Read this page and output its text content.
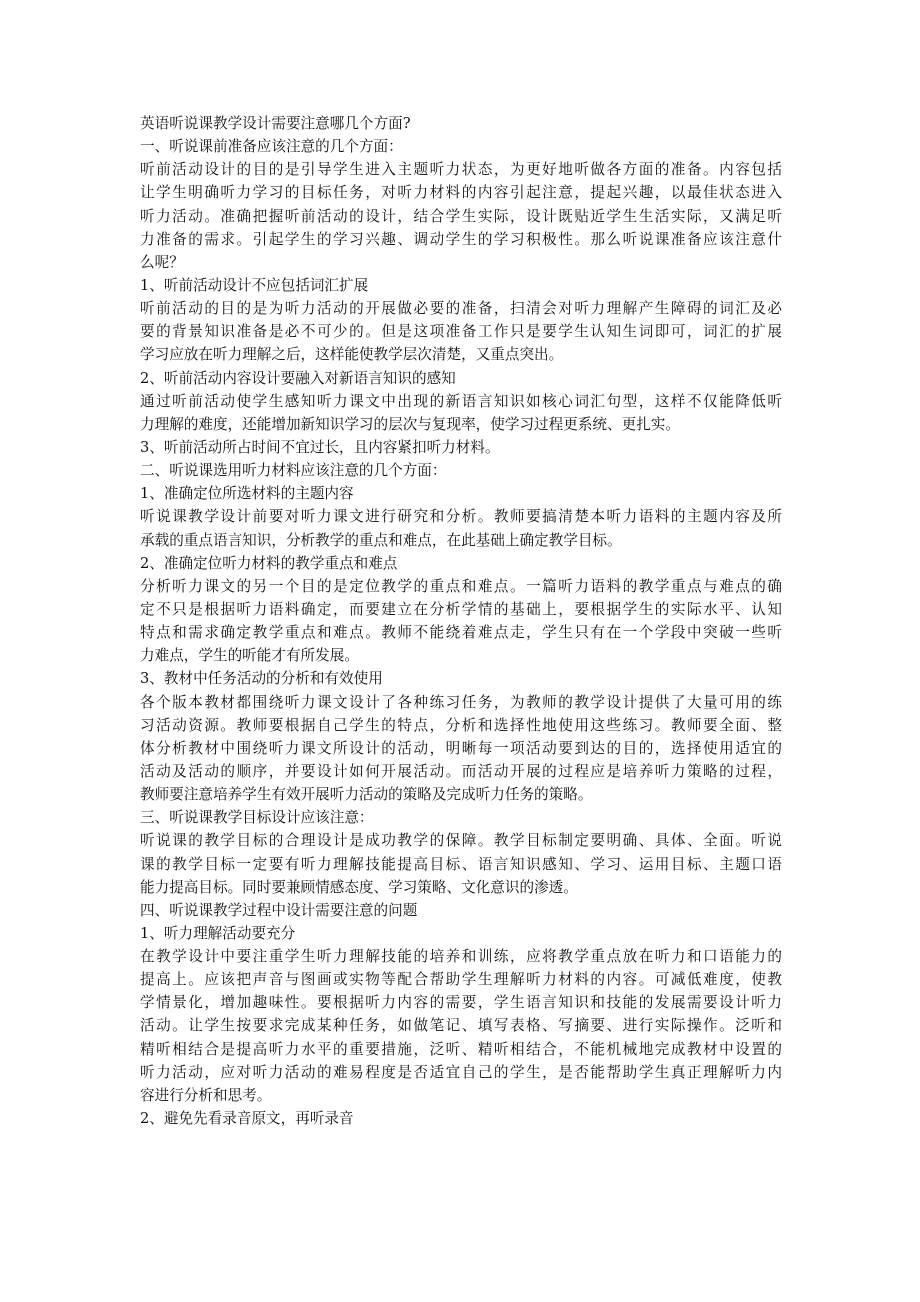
英语听说课教学设计需要注意哪几个方面?
一、听说课前准备应该注意的几个方面：
听前活动设计的目的是引导学生进入主题听力状态，为更好地听做各方面的准备。内容包括
让学生明确听力学习的目标任务，对听力材料的内容引起注意，提起兴趣，以最佳状态进入
听力活动。准确把握听前活动的设计，结合学生实际，设计既贴近学生生活实际，又满足听
力准备的需求。引起学生的学习兴趣、调动学生的学习积极性。那么听说课准备应该注意什
么呢？
1、听前活动设计不应包括词汇扩展
听前活动的目的是为听力活动的开展做必要的准备，扫清会对听力理解产生障碍的词汇及必
要的背景知识准备是必不可少的。但是这项准备工作只是要学生认知生词即可，词汇的扩展
学习应放在听力理解之后，这样能使教学层次清楚，又重点突出。
2、听前活动内容设计要融入对新语言知识的感知
通过听前活动使学生感知听力课文中出现的新语言知识如核心词汇句型，这样不仅能降低听
力理解的难度，还能增加新知识学习的层次与复现率，使学习过程更系统、更扎实。
3、听前活动所占时间不宜过长，且内容紧扣听力材料。
二、听说课选用听力材料应该注意的几个方面：
1、准确定位所选材料的主题内容
听说课教学设计前要对听力课文进行研究和分析。教师要搞清楚本听力语料的主题内容及所
承载的重点语言知识，分析教学的重点和难点，在此基础上确定教学目标。
2、准确定位听力材料的教学重点和难点
分析听力课文的另一个目的是定位教学的重点和难点。一篇听力语料的教学重点与难点的确
定不只是根据听力语料确定，而要建立在分析学情的基础上，要根据学生的实际水平、认知
特点和需求确定教学重点和难点。教师不能绕着难点走，学生只有在一个学段中突破一些听
力难点，学生的听能才有所发展。
3、教材中任务活动的分析和有效使用
各个版本教材都围绕听力课文设计了各种练习任务，为教师的教学设计提供了大量可用的练
习活动资源。教师要根据自己学生的特点，分析和选择性地使用这些练习。教师要全面、整
体分析教材中围绕听力课文所设计的活动，明晰每一项活动要到达的目的，选择使用适宜的
活动及活动的顺序，并要设计如何开展活动。而活动开展的过程应是培养听力策略的过程，
教师要注意培养学生有效开展听力活动的策略及完成听力任务的策略。
三、听说课教学目标设计应该注意：
听说课的教学目标的合理设计是成功教学的保障。教学目标制定要明确、具体、全面。听说
课的教学目标一定要有听力理解技能提高目标、语言知识感知、学习、运用目标、主题口语
能力提高目标。同时要兼顾情感态度、学习策略、文化意识的渗透。
四、听说课教学过程中设计需要注意的问题
1、听力理解活动要充分
在教学设计中要注重学生听力理解技能的培养和训练，应将教学重点放在听力和口语能力的
提高上。应该把声音与图画或实物等配合帮助学生理解听力材料的内容。可减低难度，使教
学情景化，增加趣味性。要根据听力内容的需要，学生语言知识和技能的发展需要设计听力
活动。让学生按要求完成某种任务，如做笔记、填写表格、写摘要、进行实际操作。泛听和
精听相结合是提高听力水平的重要措施，泛听、精听相结合，不能机械地完成教材中设置的
听力活动，应对听力活动的难易程度是否适宜自己的学生，是否能帮助学生真正理解听力内
容进行分析和思考。
2、避免先看录音原文，再听录音
